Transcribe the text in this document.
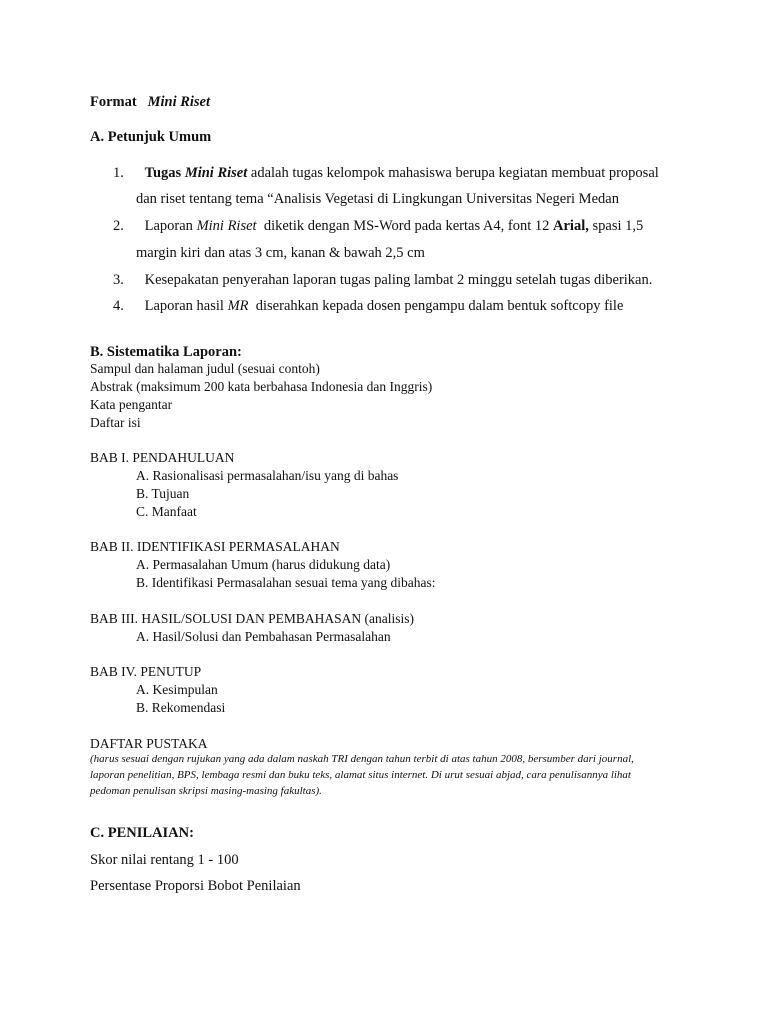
Format Mini Riset
A. Petunjuk Umum
1. Tugas Mini Riset adalah tugas kelompok mahasiswa berupa kegiatan membuat proposal
dan riset tentang tema “Analisis Vegetasi di Lingkungan Universitas Negeri Medan
2. Laporan Mini Riset diketik dengan MS-Word pada kertas A4, font 12 Arial, spasi 1,5
margin kiri dan atas 3 cm, kanan & bawah 2,5 cm
3. Kesepakatan penyerahan laporan tugas paling lambat 2 minggu setelah tugas diberikan.
4. Laporan hasil MR diserahkan kepada dosen pengampu dalam bentuk softcopy file
B. Sistematika Laporan:
Sampul dan halaman judul (sesuai contoh)
Abstrak (maksimum 200 kata berbahasa Indonesia dan Inggris)
Kata pengantar
Daftar isi
BAB I. PENDAHULUAN
A. Rasionalisasi permasalahan/isu yang di bahas
B. Tujuan
C. Manfaat
BAB II. IDENTIFIKASI PERMASALAHAN
A. Permasalahan Umum (harus didukung data)
B. Identifikasi Permasalahan sesuai tema yang dibahas:
BAB III. HASIL/SOLUSI DAN PEMBAHASAN (analisis)
A. Hasil/Solusi dan Pembahasan Permasalahan
BAB IV. PENUTUP
A. Kesimpulan
B. Rekomendasi
DAFTAR PUSTAKA
(harus sesuai dengan rujukan yang ada dalam naskah TRI dengan tahun terbit di atas tahun 2008, bersumber dari journal, laporan penelitian, BPS, lembaga resmi dan buku teks, alamat situs internet. Di urut sesuai abjad, cara penulisannya lihat pedoman penulisan skripsi masing-masing fakultas).
C. PENILAIAN:
Skor nilai rentang 1 - 100
Persentase Proporsi Bobot Penilaian
